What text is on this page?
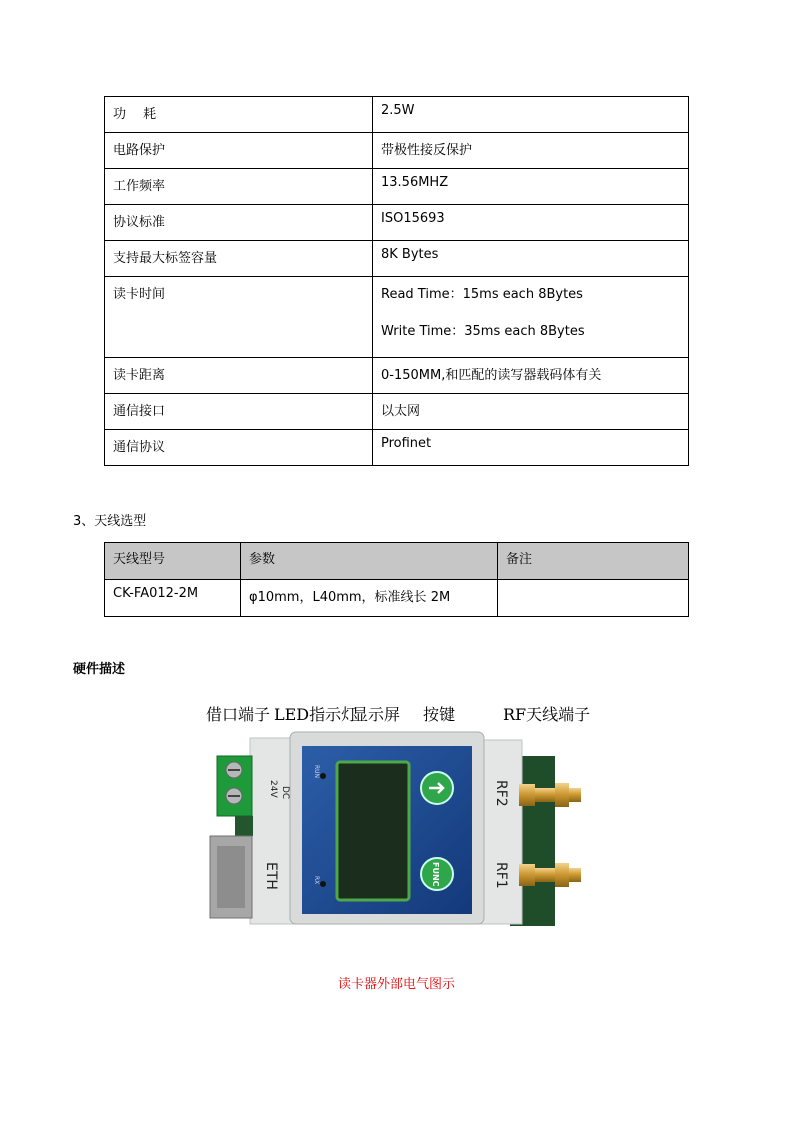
功　 耗	2.5W
电路保护	带极性接反保护
工作频率	13.56MHZ
协议标准	ISO15693
支持最大标签容量	8K Bytes
读卡时间	Read Time：15ms each 8Bytes
Write Time：35ms each 8Bytes

读卡距离	0-150MM,和匹配的读写器载码体有关
通信接口	以太网
通信协议	Profinet
3、天线选型
天线型号	参数	备注
CK-FA012-2M	φ10mm，L40mm，标准线长 2M	
硬件描述
借口端子 LED指示灯
显示屏 按键	RF天线端子
DC
24V
ETH
RUN
RX	FUNC
RF2
RF1
读卡器外部电气图示
